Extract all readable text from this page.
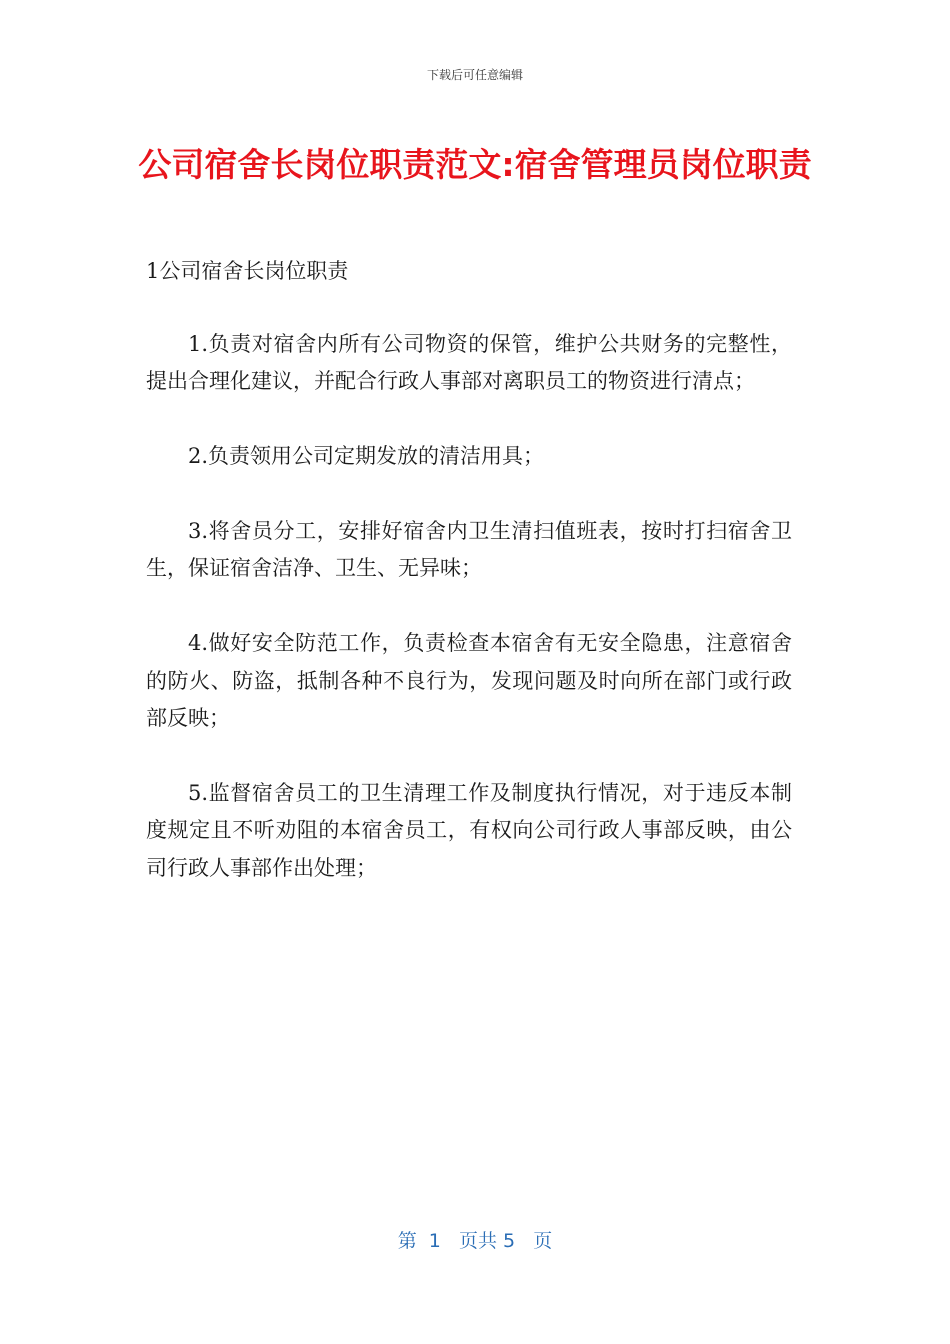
下载后可任意编辑
公司宿舍长岗位职责范文:宿舍管理员岗位职责
1公司宿舍长岗位职责

1.负责对宿舍内所有公司物资的保管，维护公共财务的完整性，提出合理化建议，并配合行政人事部对离职员工的物资进行清点；

2.负责领用公司定期发放的清洁用具；

3.将舍员分工，安排好宿舍内卫生清扫值班表，按时打扫宿舍卫生，保证宿舍洁净、卫生、无异味；

4.做好安全防范工作，负责检查本宿舍有无安全隐患，注意宿舍的防火、防盗，抵制各种不良行为，发现问题及时向所在部门或行政部反映；

5.监督宿舍员工的卫生清理工作及制度执行情况，对于违反本制度规定且不听劝阻的本宿舍员工，有权向公司行政人事部反映，由公司行政人事部作出处理；

第  1   页共 5   页
